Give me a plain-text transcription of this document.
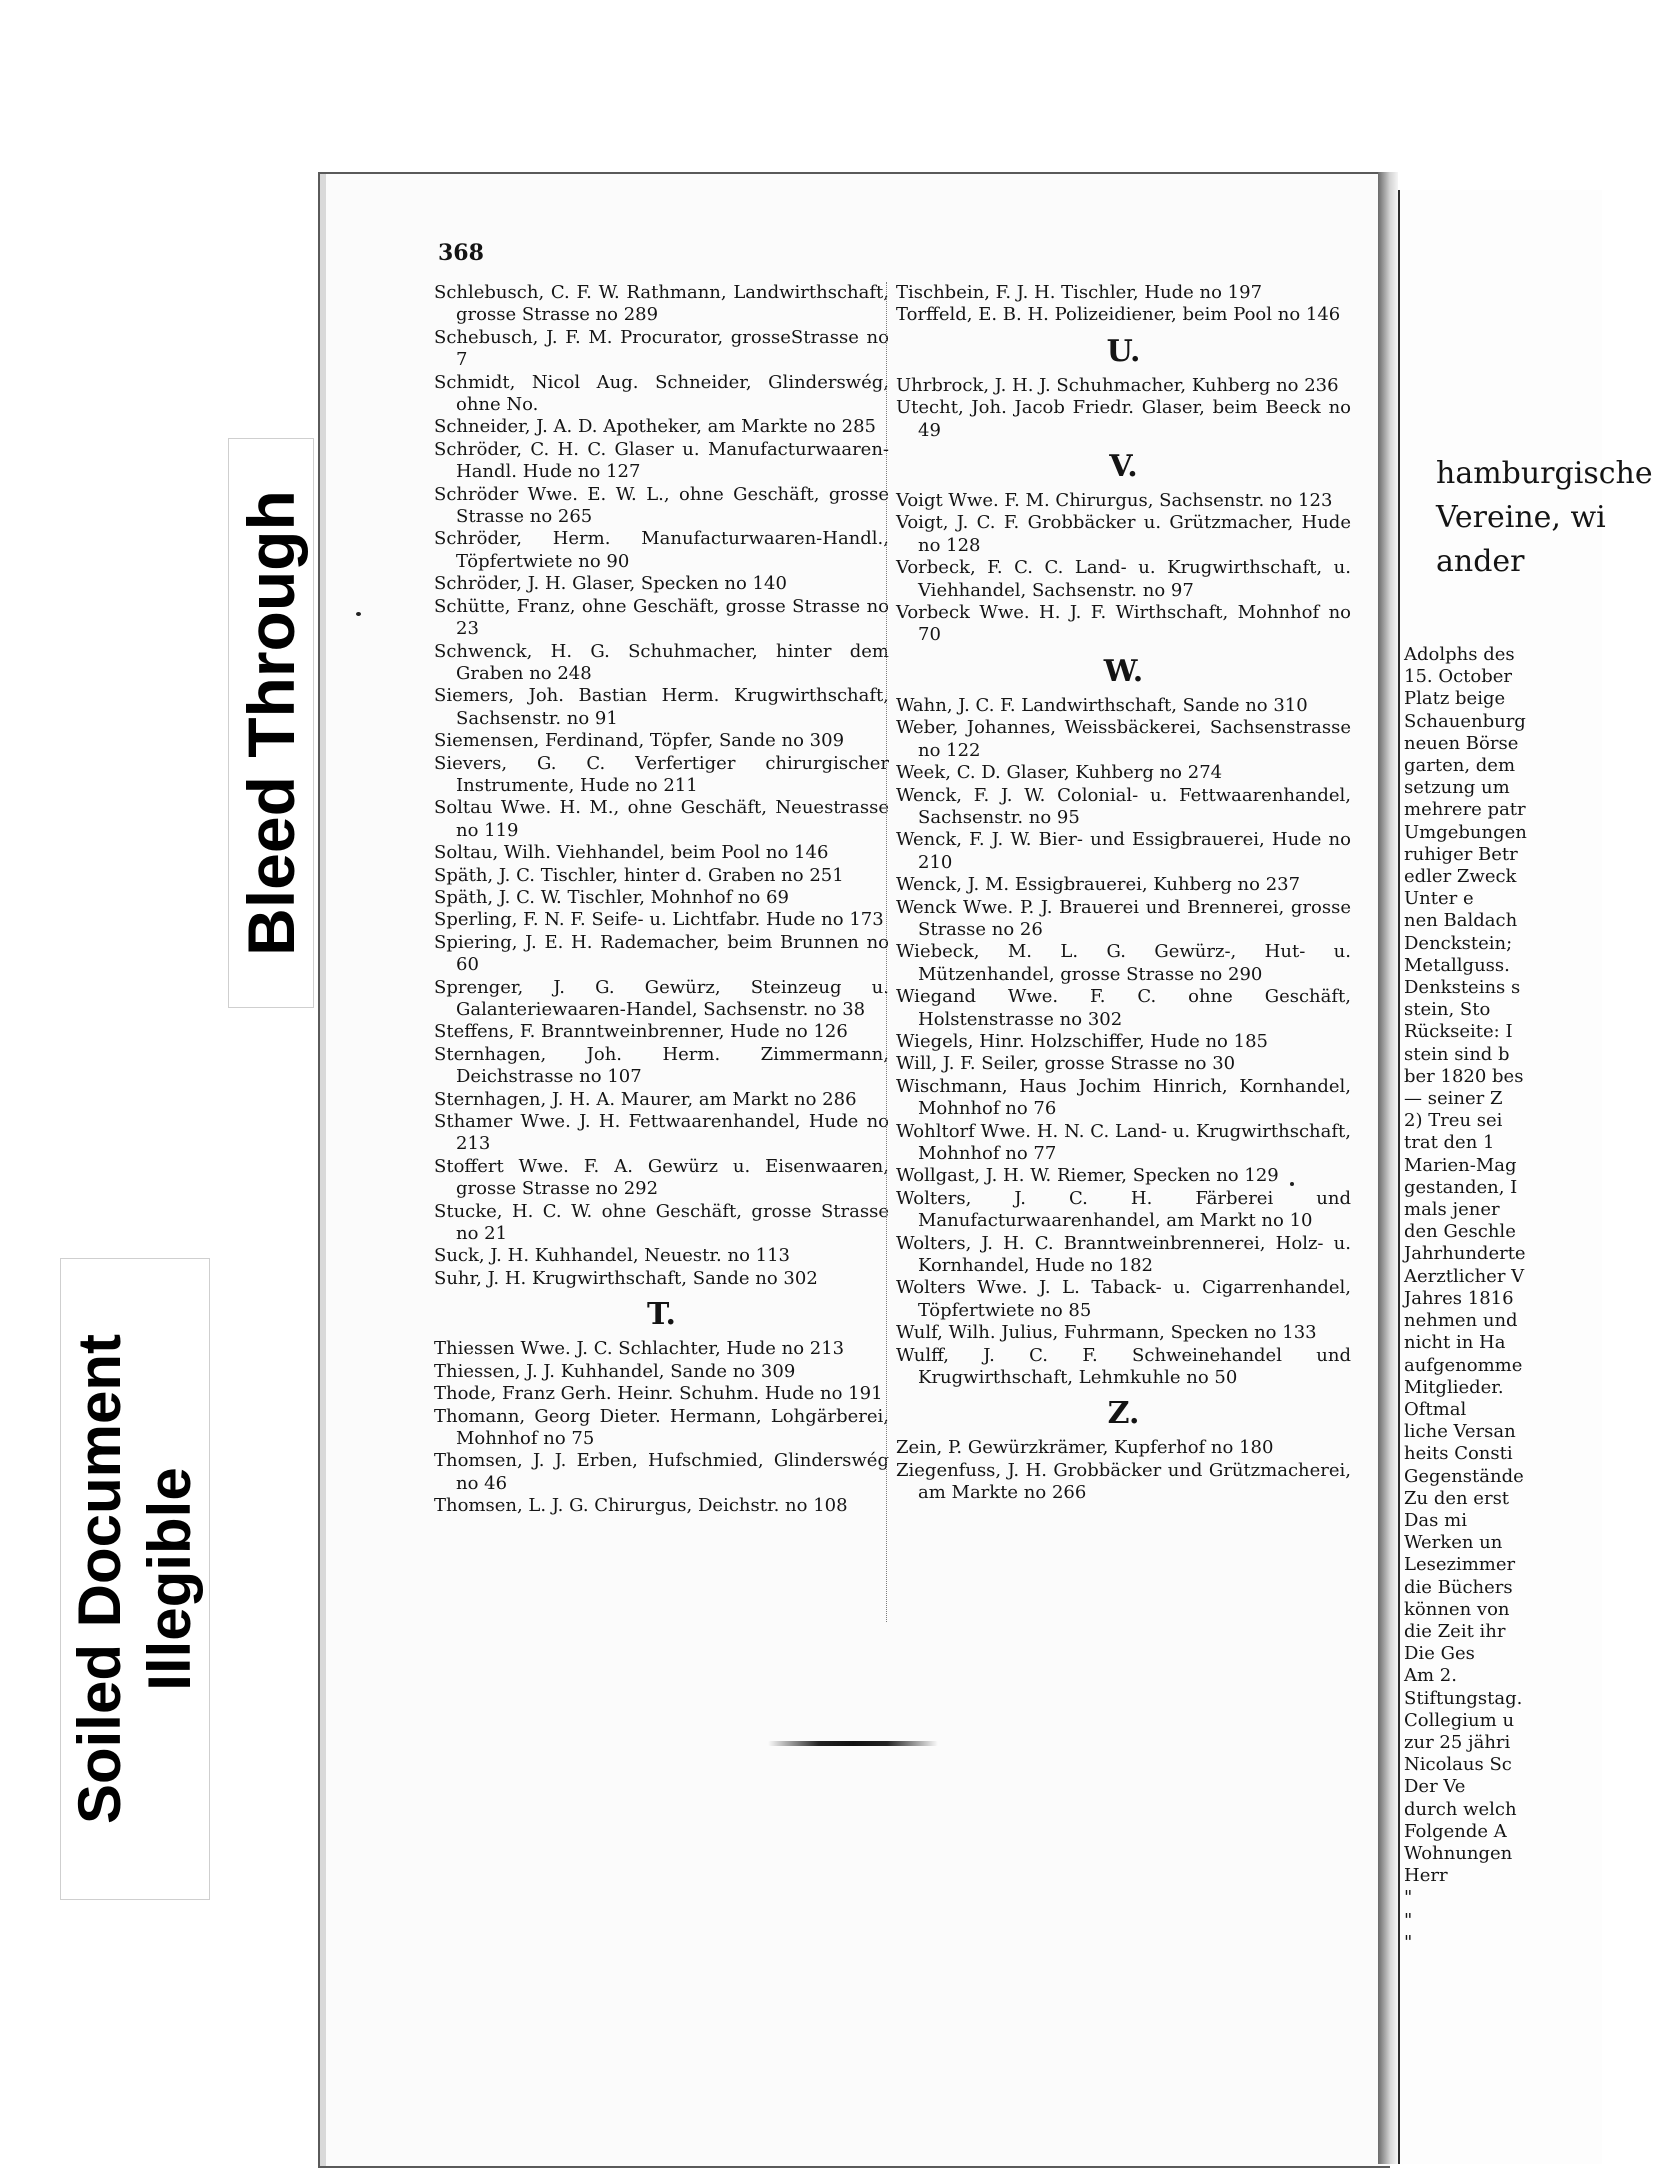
Bleed Through
Soiled Document Illegible
368
Schlebusch, C. F. W. Rathmann, Landwirthschaft, grosse Strasse no 289
Schebusch, J. F. M. Procurator, grosseStrasse no 7
Schmidt, Nicol Aug. Schneider, Glinderswég, ohne No.
Schneider, J. A. D. Apotheker, am Markte no 285
Schröder, C. H. C. Glaser u. Manufacturwaaren-Handl. Hude no 127
Schröder Wwe. E. W. L., ohne Geschäft, grosse Strasse no 265
Schröder, Herm. Manufacturwaaren-Handl., Töpfertwiete no 90
Schröder, J. H. Glaser, Specken no 140
Schütte, Franz, ohne Geschäft, grosse Strasse no 23
Schwenck, H. G. Schuhmacher, hinter dem Graben no 248
Siemers, Joh. Bastian Herm. Krugwirthschaft, Sachsenstr. no 91
Siemensen, Ferdinand, Töpfer, Sande no 309
Sievers, G. C. Verfertiger chirurgischer Instrumente, Hude no 211
Soltau Wwe. H. M., ohne Geschäft, Neuestrasse no 119
Soltau, Wilh. Viehhandel, beim Pool no 146
Späth, J. C. Tischler, hinter d. Graben no 251
Späth, J. C. W. Tischler, Mohnhof no 69
Sperling, F. N. F. Seife- u. Lichtfabr. Hude no 173
Spiering, J. E. H. Rademacher, beim Brunnen no 60
Sprenger, J. G. Gewürz, Steinzeug u. Galanteriewaaren-Handel, Sachsenstr. no 38
Steffens, F. Branntweinbrenner, Hude no 126
Sternhagen, Joh. Herm. Zimmermann, Deichstrasse no 107
Sternhagen, J. H. A. Maurer, am Markt no 286
Sthamer Wwe. J. H. Fettwaarenhandel, Hude no 213
Stoffert Wwe. F. A. Gewürz u. Eisenwaaren, grosse Strasse no 292
Stucke, H. C. W. ohne Geschäft, grosse Strasse no 21
Suck, J. H. Kuhhandel, Neuestr. no 113
Suhr, J. H. Krugwirthschaft, Sande no 302
T.
Thiessen Wwe. J. C. Schlachter, Hude no 213
Thiessen, J. J. Kuhhandel, Sande no 309
Thode, Franz Gerh. Heinr. Schuhm. Hude no 191
Thomann, Georg Dieter. Hermann, Lohgärberei, Mohnhof no 75
Thomsen, J. J. Erben, Hufschmied, Glinderswég no 46
Thomsen, L. J. G. Chirurgus, Deichstr. no 108
Tischbein, F. J. H. Tischler, Hude no 197
Torffeld, E. B. H. Polizeidiener, beim Pool no 146
U.
Uhrbrock, J. H. J. Schuhmacher, Kuhberg no 236
Utecht, Joh. Jacob Friedr. Glaser, beim Beeck no 49
V.
Voigt Wwe. F. M. Chirurgus, Sachsenstr. no 123
Voigt, J. C. F. Grobbäcker u. Grützmacher, Hude no 128
Vorbeck, F. C. C. Land- u. Krugwirthschaft, u. Viehhandel, Sachsenstr. no 97
Vorbeck Wwe. H. J. F. Wirthschaft, Mohnhof no 70
W.
Wahn, J. C. F. Landwirthschaft, Sande no 310
Weber, Johannes, Weissbäckerei, Sachsenstrasse no 122
Week, C. D. Glaser, Kuhberg no 274
Wenck, F. J. W. Colonial- u. Fettwaarenhandel, Sachsenstr. no 95
Wenck, F. J. W. Bier- und Essigbrauerei, Hude no 210
Wenck, J. M. Essigbrauerei, Kuhberg no 237
Wenck Wwe. P. J. Brauerei und Brennerei, grosse Strasse no 26
Wiebeck, M. L. G. Gewürz-, Hut- u. Mützenhandel, grosse Strasse no 290
Wiegand Wwe. F. C. ohne Geschäft, Holstenstrasse no 302
Wiegels, Hinr. Holzschiffer, Hude no 185
Will, J. F. Seiler, grosse Strasse no 30
Wischmann, Haus Jochim Hinrich, Kornhandel, Mohnhof no 76
Wohltorf Wwe. H. N. C. Land- u. Krugwirthschaft, Mohnhof no 77
Wollgast, J. H. W. Riemer, Specken no 129
Wolters, J. C. H. Färberei und Manufacturwaarenhandel, am Markt no 10
Wolters, J. H. C. Branntweinbrennerei, Holz- u. Kornhandel, Hude no 182
Wolters Wwe. J. L. Taback- u. Cigarrenhandel, Töpfertwiete no 85
Wulf, Wilh. Julius, Fuhrmann, Specken no 133
Wulff, J. C. F. Schweinehandel und Krugwirthschaft, Lehmkuhle no 50
Z.
Zein, P. Gewürzkrämer, Kupferhof no 180
Ziegenfuss, J. H. Grobbäcker und Grützmacherei, am Markte no 266
hamburgische
Vereine, wi
ander
Adolphs des
15. October
Platz beige
Schauenburg
neuen Börse
garten, dem
setzung um
mehrere patr
Umgebungen
ruhiger Betr
edler Zweck
Unter e
nen Baldach
Denckstein;
Metallguss.
Denksteins s
stein, Sto
Rückseite: I
stein sind b
ber 1820 bes
— seiner Z
2) Treu sei
trat den 1
Marien-Mag
gestanden, I
mals jener
den Geschle
Jahrhunderte
Aerztlicher V
Jahres 1816
nehmen und
nicht in Ha
aufgenomme
Mitglieder.
Oftmal
liche Versan
heits Consti
Gegenstände
Zu den erst
Das mi
Werken un
Lesezimmer
die Büchers
können von
die Zeit ihr
Die Ges
Am 2.
Stiftungstag.
Collegium u
zur 25 jähri
Nicolaus Sc
Der Ve
durch welch
Folgende A
Wohnungen
Herr
"
"
"
